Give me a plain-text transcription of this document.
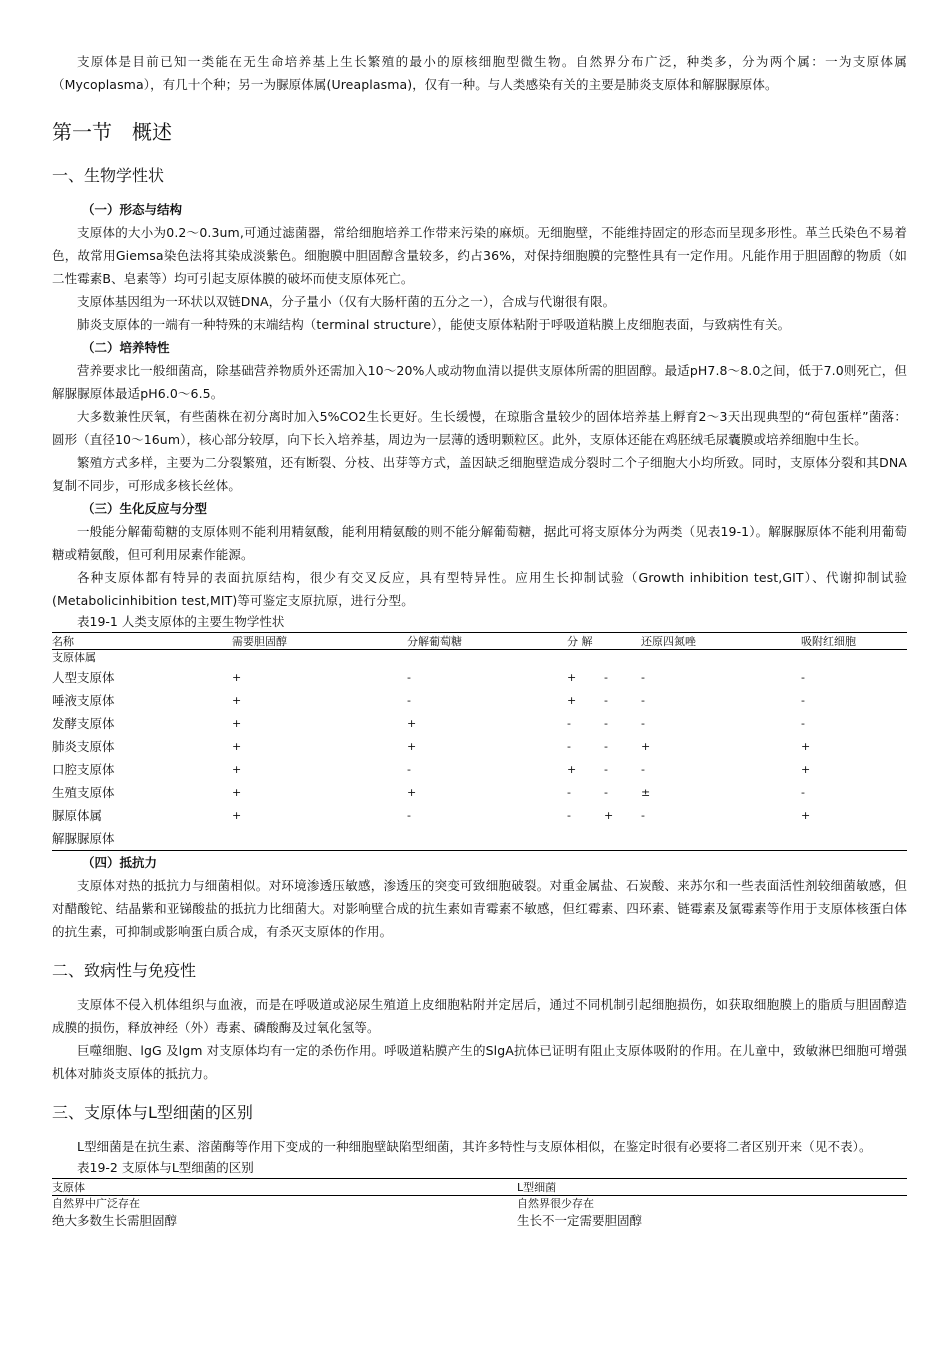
支原体是目前已知一类能在无生命培养基上生长繁殖的最小的原核细胞型微生物。自然界分布广泛，种类多，分为两个属：一为支原体属（Mycoplasma），有几十个种；另一为脲原体属(Ureaplasma)，仅有一种。与人类感染有关的主要是肺炎支原体和解脲脲原体。

第一节　概述
一、生物学性状
（一）形态与结构

支原体的大小为0.2～0.3um,可通过滤菌器，常给细胞培养工作带来污染的麻烦。无细胞壁，不能维持固定的形态而呈现多形性。革兰氏染色不易着色，故常用Giemsa染色法将其染成淡紫色。细胞膜中胆固醇含量较多，约占36%，对保持细胞膜的完整性具有一定作用。凡能作用于胆固醇的物质（如二性霉素B、皂素等）均可引起支原体膜的破坏而使支原体死亡。

支原体基因组为一环状以双链DNA，分子量小（仅有大肠杆菌的五分之一），合成与代谢很有限。

肺炎支原体的一端有一种特殊的末端结构（terminal structure），能使支原体粘附于呼吸道粘膜上皮细胞表面，与致病性有关。

（二）培养特性

营养要求比一般细菌高，除基础营养物质外还需加入10～20%人或动物血清以提供支原体所需的胆固醇。最适pH7.8～8.0之间，低于7.0则死亡，但解脲脲原体最适pH6.0～6.5。

大多数兼性厌氧，有些菌株在初分离时加入5%CO2生长更好。生长缓慢，在琼脂含量较少的固体培养基上孵育2～3天出现典型的“荷包蛋样”菌落：圆形（直径10～16um），核心部分较厚，向下长入培养基，周边为一层薄的透明颗粒区。此外，支原体还能在鸡胚绒毛尿囊膜或培养细胞中生长。

繁殖方式多样，主要为二分裂繁殖，还有断裂、分枝、出芽等方式，盖因缺乏细胞壁造成分裂时二个子细胞大小均所致。同时，支原体分裂和其DNA复制不同步，可形成多核长丝体。

（三）生化反应与分型

一般能分解葡萄糖的支原体则不能利用精氨酸，能利用精氨酸的则不能分解葡萄糖，据此可将支原体分为两类（见表19-1）。解脲脲原体不能利用葡萄糖或精氨酸，但可利用尿素作能源。

各种支原体都有特异的表面抗原结构，很少有交叉反应，具有型特异性。应用生长抑制试验（Growth inhibition test,GIT）、代谢抑制试验(Metabolicinhibition test,MIT)等可鉴定支原抗原，进行分型。

表19-1 人类支原体的主要生物学性状
名称	需要胆固醇	分解葡萄糖	分 解		还原四氮唑	吸附红细胞
支原体属						
人型支原体	+	-	+	-	-	-
唾液支原体	+	-	+	-	-	-
发酵支原体	+	+	-	-	-	-
肺炎支原体	+	+	-	-	+	+
口腔支原体	+	-	+	-	-	+
生殖支原体	+	+	-	-	±	-
脲原体属	+	-	-	+	-	+
解脲脲原体						
（四）抵抗力

支原体对热的抵抗力与细菌相似。对环境渗透压敏感，渗透压的突变可致细胞破裂。对重金属盐、石炭酸、来苏尔和一些表面活性剂较细菌敏感，但对醋酸铊、结晶紫和亚锑酸盐的抵抗力比细菌大。对影响壁合成的抗生素如青霉素不敏感，但红霉素、四环素、链霉素及氯霉素等作用于支原体核蛋白体的抗生素，可抑制或影响蛋白质合成，有杀灭支原体的作用。

二、致病性与免疫性

支原体不侵入机体组织与血液，而是在呼吸道或泌尿生殖道上皮细胞粘附并定居后，通过不同机制引起细胞损伤，如获取细胞膜上的脂质与胆固醇造成膜的损伤，释放神经（外）毒素、磷酸酶及过氧化氢等。

巨噬细胞、lgG 及lgm 对支原体均有一定的杀伤作用。呼吸道粘膜产生的SlgA抗体已证明有阻止支原体吸附的作用。在儿童中，致敏淋巴细胞可增强机体对肺炎支原体的抵抗力。

三、支原体与L型细菌的区别

L型细菌是在抗生素、溶菌酶等作用下变成的一种细胞壁缺陷型细菌，其许多特性与支原体相似，在鉴定时很有必要将二者区别开来（见不表）。

表19-2 支原体与L型细菌的区别
支原体	L型细菌
自然界中广泛存在	自然界很少存在
绝大多数生长需胆固醇	生长不一定需要胆固醇
